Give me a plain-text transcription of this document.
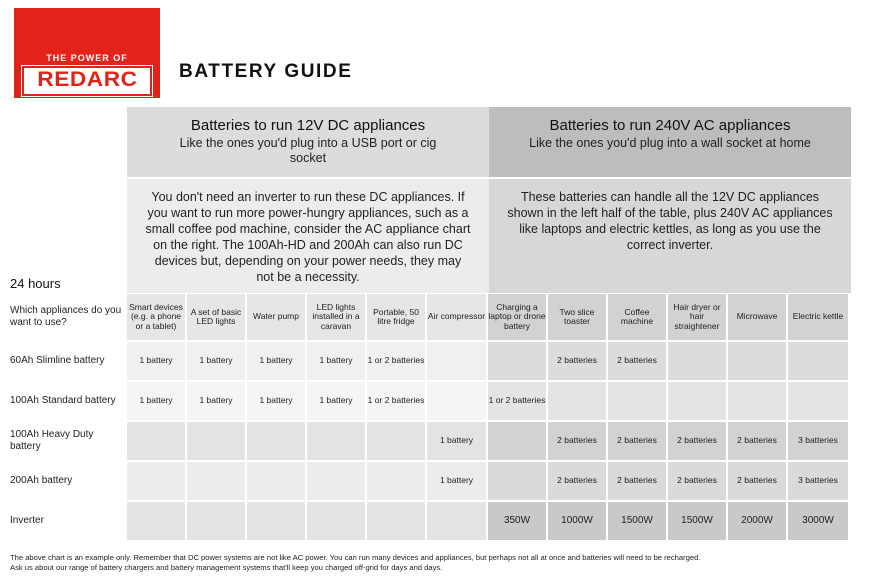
THE POWER OF
REDARC	BATTERY GUIDE
Batteries to run 12V DC appliances
Like the ones you'd plug into a USB port or cig socket
Batteries to run 240V AC appliances
Like the ones you'd plug into a wall socket at home
You don't need an inverter to run these DC appliances. If you want to run more power-hungry appliances, such as a small coffee pod machine, consider the AC appliance chart on the right. The 100Ah-HD and 200Ah can also run DC devices but, depending on your power needs, they may not be a necessity.
These batteries can handle all the 12V DC appliances shown in the left half of the table, plus 240V AC appliances like laptops and electric kettles, as long as you use the correct inverter.
24 hours
Which appliances do you want to use?	Smart devices (e.g. a phone or a tablet)	A set of basic LED lights	Water pump	LED lights installed in a caravan	Portable, 50 litre fridge	Air compressor	Charging a laptop or drone battery	Two slice toaster	Coffee machine	Hair dryer or hair straightener	Microwave	Electric kettle
60Ah Slimline battery	1 battery	1 battery	1 battery	1 battery	1 or 2 batteries			2 batteries	2 batteries			
100Ah Standard battery	1 battery	1 battery	1 battery	1 battery	1 or 2 batteries		1 or 2 batteries					
100Ah Heavy Duty battery						1 battery		2 batteries	2 batteries	2 batteries	2 batteries	3 batteries
200Ah battery						1 battery		2 batteries	2 batteries	2 batteries	2 batteries	3 batteries
Inverter							350W	1000W	1500W	1500W	2000W	3000W
The above chart is an example only. Remember that DC power systems are not like AC power. You can run many devices and appliances, but perhaps not all at once and batteries will need to be recharged.
Ask us about our range of battery chargers and battery management systems that'll keep you charged off-grid for days and days.
